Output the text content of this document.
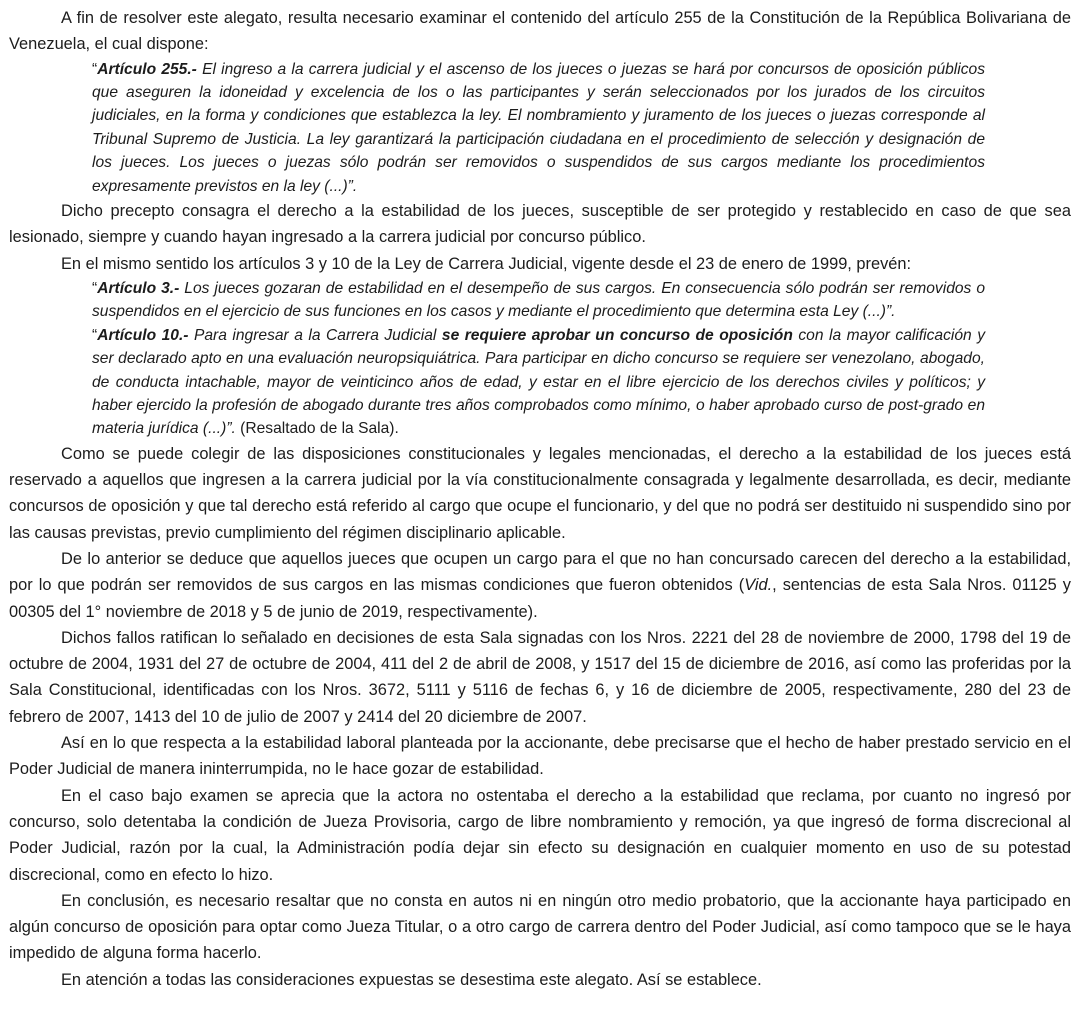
A fin de resolver este alegato, resulta necesario examinar el contenido del artículo 255 de la Constitución de la República Bolivariana de Venezuela, el cual dispone:

“Artículo 255.- El ingreso a la carrera judicial y el ascenso de los jueces o juezas se hará por concursos de oposición públicos que aseguren la idoneidad y excelencia de los o las participantes y serán seleccionados por los jurados de los circuitos judiciales, en la forma y condiciones que establezca la ley. El nombramiento y juramento de los jueces o juezas corresponde al Tribunal Supremo de Justicia. La ley garantizará la participación ciudadana en el procedimiento de selección y designación de los jueces. Los jueces o juezas sólo podrán ser removidos o suspendidos de sus cargos mediante los procedimientos expresamente previstos en la ley (...)”.

Dicho precepto consagra el derecho a la estabilidad de los jueces, susceptible de ser protegido y restablecido en caso de que sea lesionado, siempre y cuando hayan ingresado a la carrera judicial por concurso público.

En el mismo sentido los artículos 3 y 10 de la Ley de Carrera Judicial, vigente desde el 23 de enero de 1999, prevén:

“Artículo 3.- Los jueces gozaran de estabilidad en el desempeño de sus cargos. En consecuencia sólo podrán ser removidos o suspendidos en el ejercicio de sus funciones en los casos y mediante el procedimiento que determina esta Ley (...)”.

“Artículo 10.- Para ingresar a la Carrera Judicial se requiere aprobar un concurso de oposición con la mayor calificación y ser declarado apto en una evaluación neuropsiquiátrica. Para participar en dicho concurso se requiere ser venezolano, abogado, de conducta intachable, mayor de veinticinco años de edad, y estar en el libre ejercicio de los derechos civiles y políticos; y haber ejercido la profesión de abogado durante tres años comprobados como mínimo, o haber aprobado curso de post-grado en materia jurídica (...)”. (Resaltado de la Sala).

Como se puede colegir de las disposiciones constitucionales y legales mencionadas, el derecho a la estabilidad de los jueces está reservado a aquellos que ingresen a la carrera judicial por la vía constitucionalmente consagrada y legalmente desarrollada, es decir, mediante concursos de oposición y que tal derecho está referido al cargo que ocupe el funcionario, y del que no podrá ser destituido ni suspendido sino por las causas previstas, previo cumplimiento del régimen disciplinario aplicable.

De lo anterior se deduce que aquellos jueces que ocupen un cargo para el que no han concursado carecen del derecho a la estabilidad, por lo que podrán ser removidos de sus cargos en las mismas condiciones que fueron obtenidos (Vid., sentencias de esta Sala Nros. 01125 y 00305 del 1° noviembre de 2018 y 5 de junio de 2019, respectivamente).

Dichos fallos ratifican lo señalado en decisiones de esta Sala signadas con los Nros. 2221 del 28 de noviembre de 2000, 1798 del 19 de octubre de 2004, 1931 del 27 de octubre de 2004, 411 del 2 de abril de 2008, y 1517 del 15 de diciembre de 2016, así como las proferidas por la Sala Constitucional, identificadas con los Nros. 3672, 5111 y 5116 de fechas 6, y 16 de diciembre de 2005, respectivamente, 280 del 23 de febrero de 2007, 1413 del 10 de julio de 2007 y 2414 del 20 diciembre de 2007.

Así en lo que respecta a la estabilidad laboral planteada por la accionante, debe precisarse que el hecho de haber prestado servicio en el Poder Judicial de manera ininterrumpida, no le hace gozar de estabilidad.

En el caso bajo examen se aprecia que la actora no ostentaba el derecho a la estabilidad que reclama, por cuanto no ingresó por concurso, solo detentaba la condición de Jueza Provisoria, cargo de libre nombramiento y remoción, ya que ingresó de forma discrecional al Poder Judicial, razón por la cual, la Administración podía dejar sin efecto su designación en cualquier momento en uso de su potestad discrecional, como en efecto lo hizo.

En conclusión, es necesario resaltar que no consta en autos ni en ningún otro medio probatorio, que la accionante haya participado en algún concurso de oposición para optar como Jueza Titular, o a otro cargo de carrera dentro del Poder Judicial, así como tampoco que se le haya impedido de alguna forma hacerlo.

En atención a todas las consideraciones expuestas se desestima este alegato. Así se establece.
